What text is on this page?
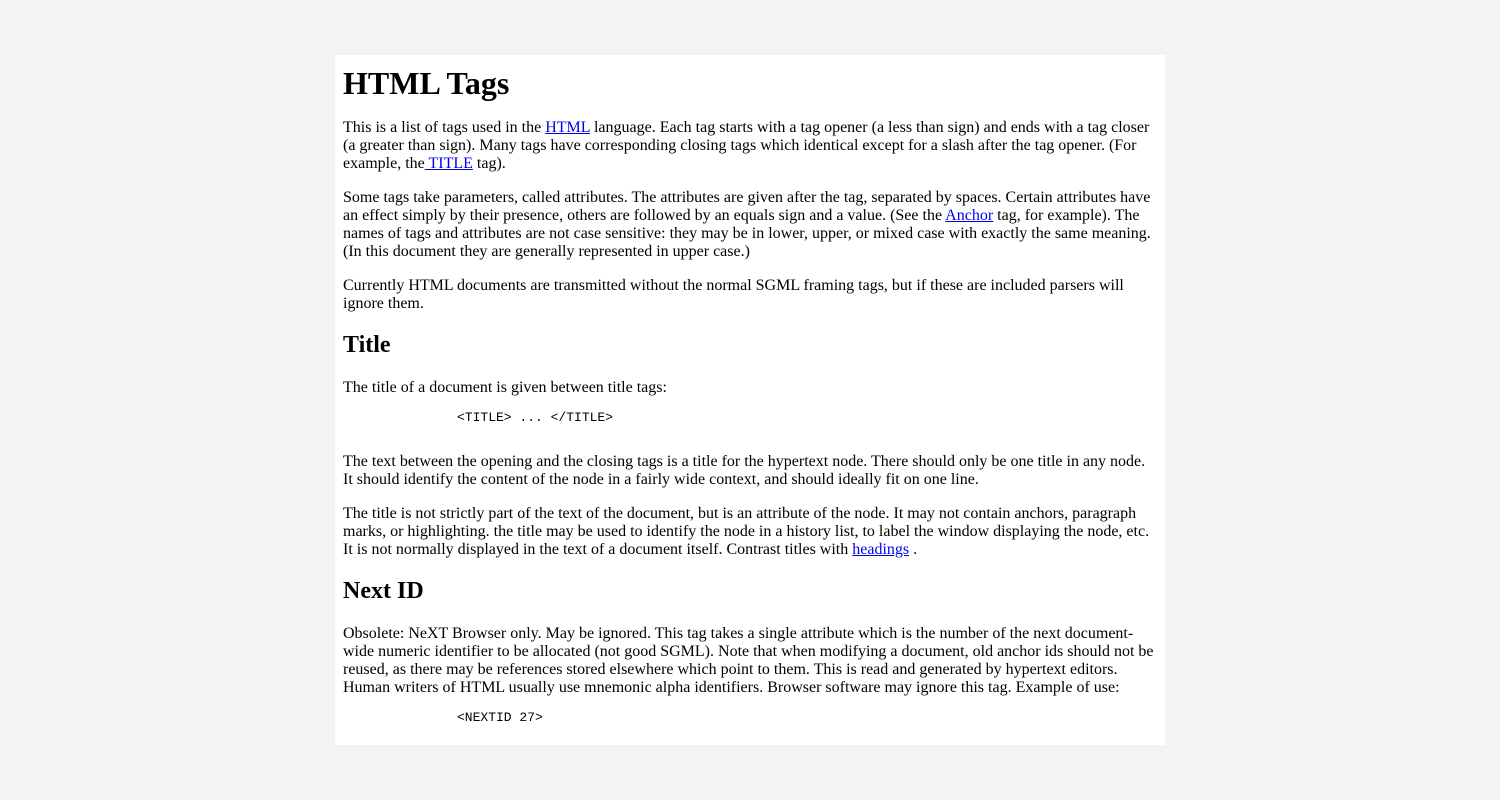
HTML Tags

This is a list of tags used in the HTML language. Each tag starts with a tag opener (a less than sign) and ends with a tag closer (a greater than sign). Many tags have corresponding closing tags which identical except for a slash after the tag opener. (For example, the TITLE tag).

Some tags take parameters, called attributes. The attributes are given after the tag, separated by spaces. Certain attributes have an effect simply by their presence, others are followed by an equals sign and a value. (See the Anchor tag, for example). The names of tags and attributes are not case sensitive: they may be in lower, upper, or mixed case with exactly the same meaning. (In this document they are generally represented in upper case.)

Currently HTML documents are transmitted without the normal SGML framing tags, but if these are included parsers will ignore them.

Title

The title of a document is given between title tags:

<TITLE> ... </TITLE>

The text between the opening and the closing tags is a title for the hypertext node. There should only be one title in any node. It should identify the content of the node in a fairly wide context, and should ideally fit on one line.

The title is not strictly part of the text of the document, but is an attribute of the node. It may not contain anchors, paragraph marks, or highlighting. the title may be used to identify the node in a history list, to label the window displaying the node, etc. It is not normally displayed in the text of a document itself. Contrast titles with headings .

Next ID

Obsolete: NeXT Browser only. May be ignored. This tag takes a single attribute which is the number of the next document-wide numeric identifier to be allocated (not good SGML). Note that when modifying a document, old anchor ids should not be reused, as there may be references stored elsewhere which point to them. This is read and generated by hypertext editors. Human writers of HTML usually use mnemonic alpha identifiers. Browser software may ignore this tag. Example of use:

<NEXTID 27>
